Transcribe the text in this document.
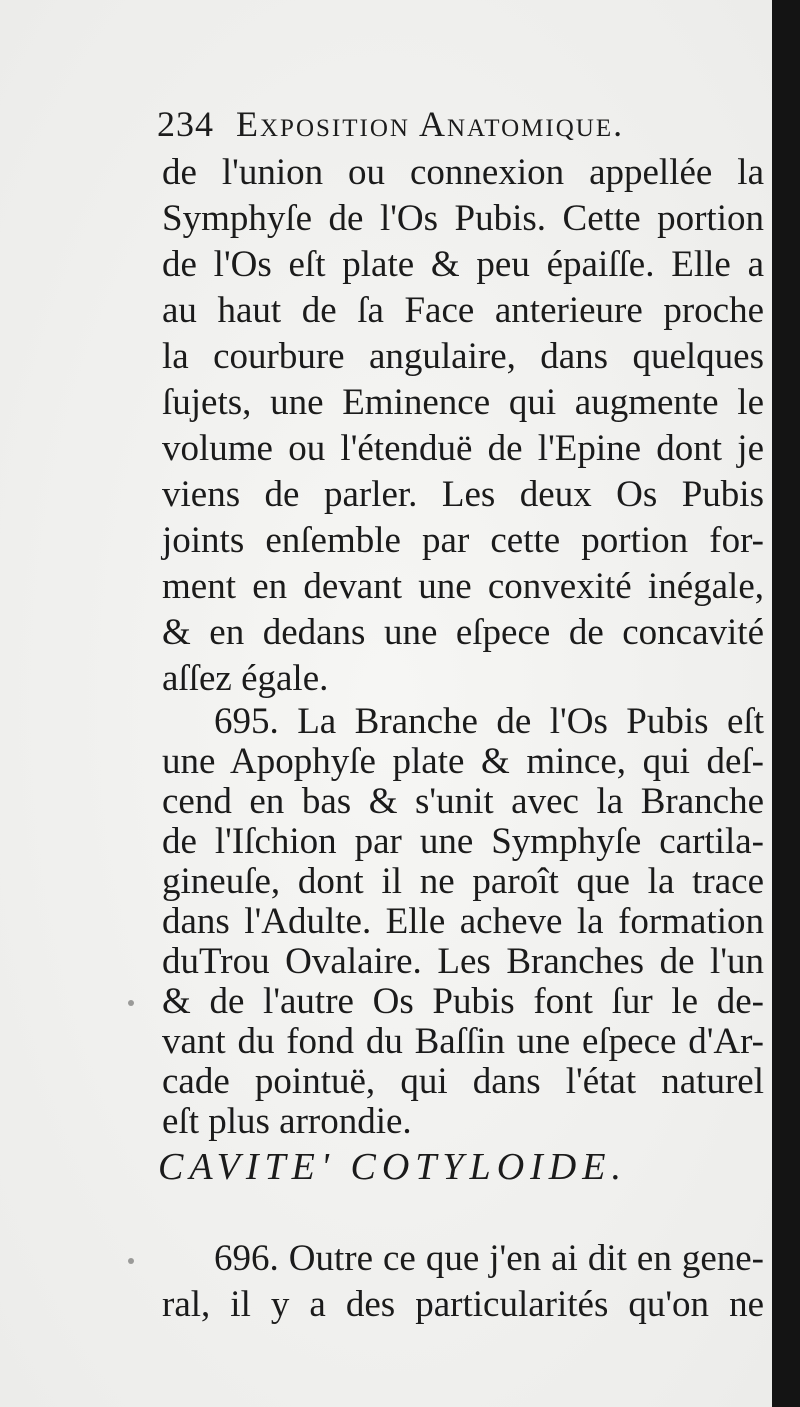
234 Exposition Anatomique.
de l'union ou connexion appellée la
Symphyſe de l'Os Pubis. Cette portion
de l'Os eſt plate & peu épaiſſe. Elle a
au haut de ſa Face anterieure proche
la courbure angulaire, dans quelques
ſujets, une Eminence qui augmente le
volume ou l'étenduë de l'Epine dont je
viens de parler. Les deux Os Pubis
joints enſemble par cette portion for-
ment en devant une convexité inégale,
& en dedans une eſpece de concavité
aſſez égale.
695. La Branche de l'Os Pubis eſt
une Apophyſe plate & mince, qui deſ-
cend en bas & s'unit avec la Branche
de l'Iſchion par une Symphyſe cartila-
gineuſe, dont il ne paroît que la trace
dans l'Adulte. Elle acheve la formation
duTrou Ovalaire. Les Branches de l'un
& de l'autre Os Pubis font ſur le de-
vant du fond du Baſſin une eſpece d'Ar-
CAVITE' COTYLOIDE.
696. Outre ce que j'en ai dit en gene-
ral, il y a des particularités qu'on ne
cade pointuë, qui dans l'état naturel
eſt plus arrondie.
